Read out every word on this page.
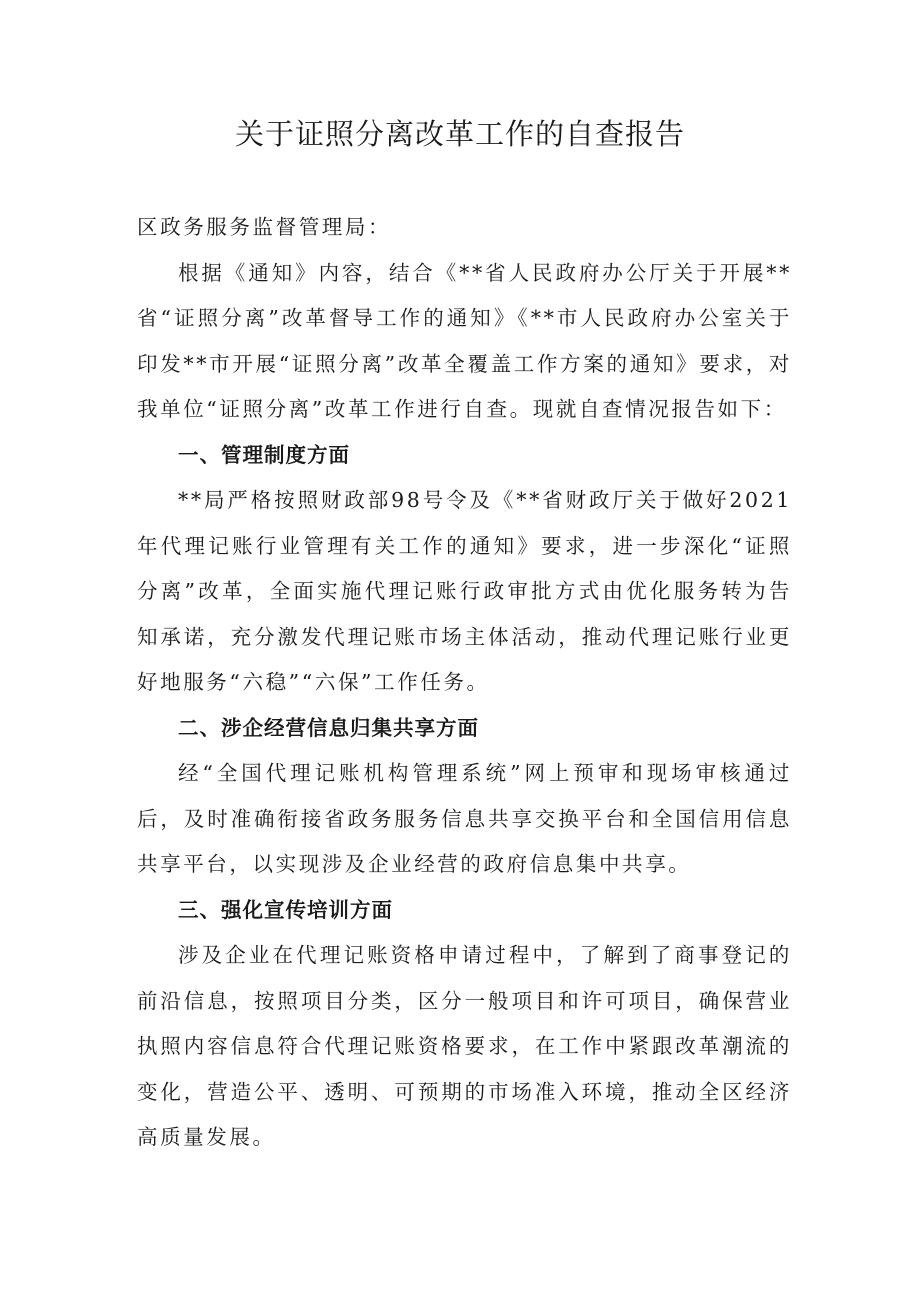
关于证照分离改革工作的自查报告

区政务服务监督管理局：

根据《通知》内容，结合《**省人民政府办公厅关于开展**省“证照分离”改革督导工作的通知》《**市人民政府办公室关于印发**市开展“证照分离”改革全覆盖工作方案的通知》要求，对我单位“证照分离”改革工作进行自查。现就自查情况报告如下：

一、管理制度方面

**局严格按照财政部98号令及《**省财政厅关于做好2021年代理记账行业管理有关工作的通知》要求，进一步深化“证照分离”改革，全面实施代理记账行政审批方式由优化服务转为告知承诺，充分激发代理记账市场主体活动，推动代理记账行业更好地服务“六稳”“六保”工作任务。

二、涉企经营信息归集共享方面

经“全国代理记账机构管理系统”网上预审和现场审核通过后，及时准确衔接省政务服务信息共享交换平台和全国信用信息共享平台，以实现涉及企业经营的政府信息集中共享。

三、强化宣传培训方面

涉及企业在代理记账资格申请过程中，了解到了商事登记的前沿信息，按照项目分类，区分一般项目和许可项目，确保营业执照内容信息符合代理记账资格要求，在工作中紧跟改革潮流的变化，营造公平、透明、可预期的市场准入环境，推动全区经济高质量发展。
